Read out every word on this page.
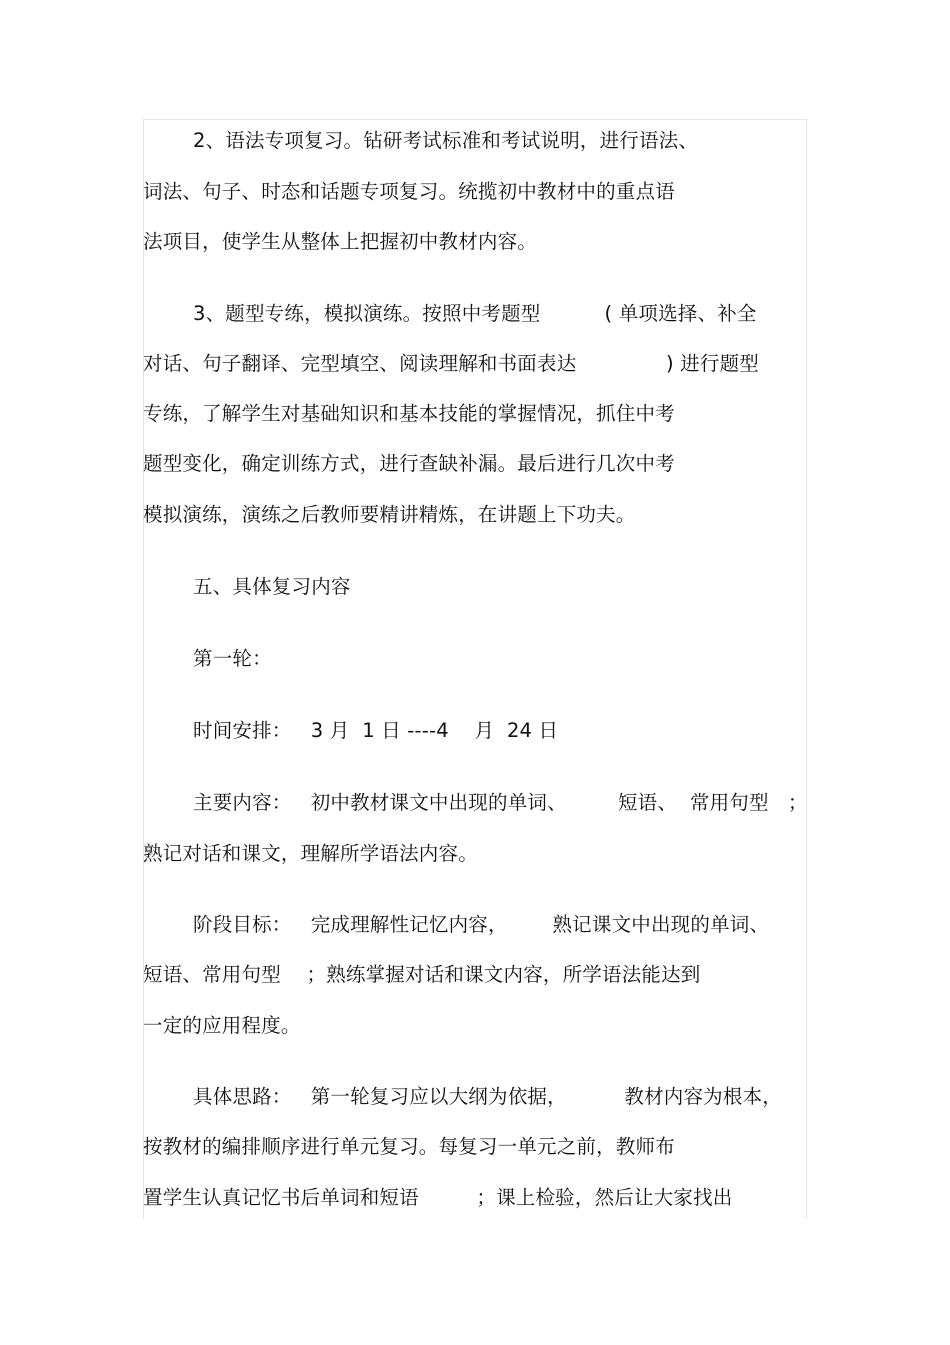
2、语法专项复习。钻研考试标准和考试说明，进行语法、
词法、句子、时态和话题专项复习。统揽初中教材中的重点语
法项目，使学生从整体上把握初中教材内容。
3、题型专练，模拟演练。按照中考题型          ( 单项选择、补全
对话、句子翻译、完型填空、阅读理解和书面表达              ) 进行题型
专练，了解学生对基础知识和基本技能的掌握情况，抓住中考
题型变化，确定训练方式，进行查缺补漏。最后进行几次中考
模拟演练，演练之后教师要精讲精炼，在讲题上下功夫。
五、具体复习内容
第一轮：
时间安排：   3 月  1 日 ----4    月  24 日
主要内容：   初中教材课文中出现的单词、        短语、  常用句型   ；
熟记对话和课文，理解所学语法内容。
阶段目标：   完成理解性记忆内容，       熟记课文中出现的单词、
短语、常用句型    ；熟练掌握对话和课文内容，所学语法能达到
一定的应用程度。
具体思路：   第一轮复习应以大纲为依据，         教材内容为根本，
按教材的编排顺序进行单元复习。每复习一单元之前，教师布
置学生认真记忆书后单词和短语         ；课上检验，然后让大家找出
